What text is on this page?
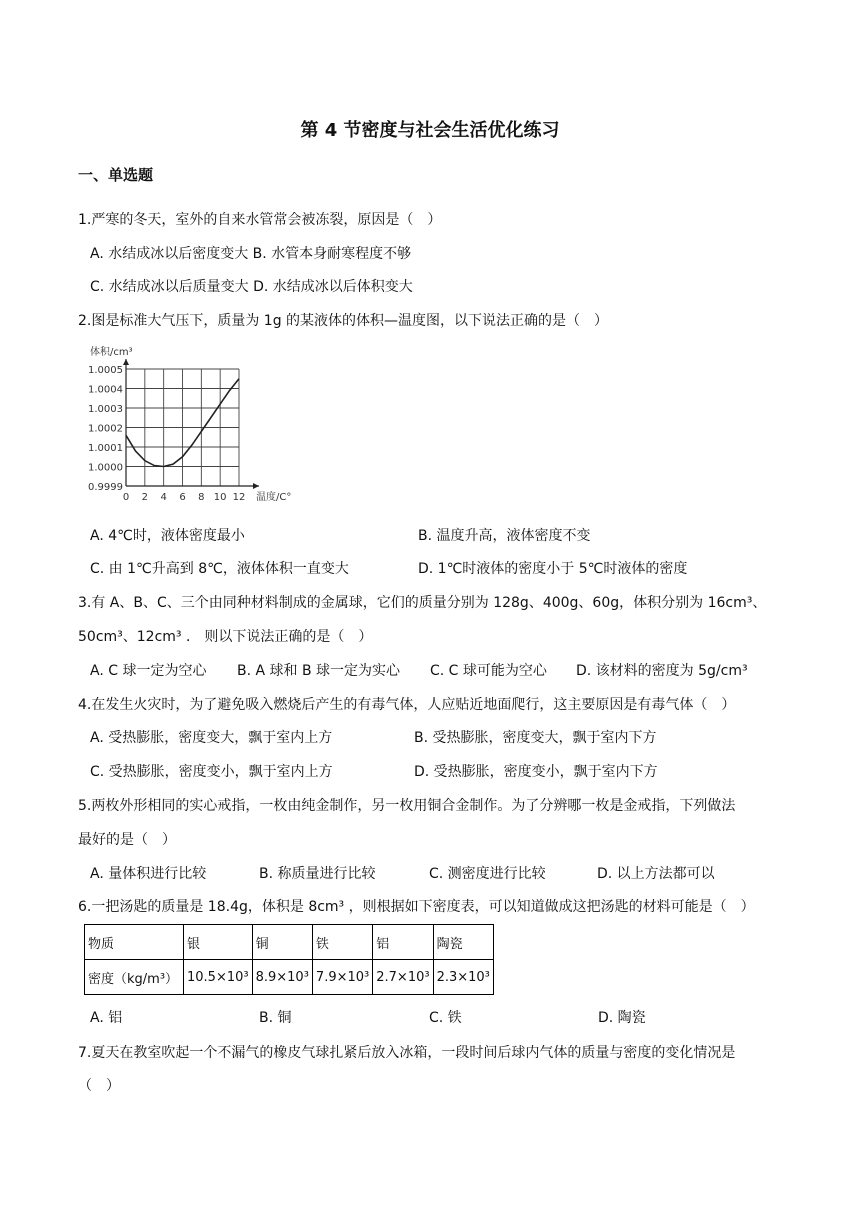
第 4 节密度与社会生活优化练习
一、单选题
1.严寒的冬天，室外的自来水管常会被冻裂，原因是（　）
A. 水结成冰以后密度变大 B. 水管本身耐寒程度不够
C. 水结成冰以后质量变大 D. 水结成冰以后体积变大
2.图是标准大气压下，质量为 1g 的某液体的体积—温度图，以下说法正确的是（　）
体积/cm³
1.0005
1.0004
1.0003
1.0002
1.0001
1.0000
0.9999
0 2 4 6 8 10 12 温度/C°
A. 4℃时，液体密度最小	B. 温度升高，液体密度不变
C. 由 1℃升高到 8℃，液体体积一直变大	D. 1℃时液体的密度小于 5℃时液体的密度
3.有 A、B、C、三个由同种材料制成的金属球，它们的质量分别为 128g、400g、60g，体积分别为 16cm³、
50cm³、12cm³ ． 则以下说法正确的是（　）
A. C 球一定为空心 B. A 球和 B 球一定为实心 C. C 球可能为空心 D. 该材料的密度为 5g/cm³
4.在发生火灾时，为了避免吸入燃烧后产生的有毒气体，人应贴近地面爬行，这主要原因是有毒气体（　）
A. 受热膨胀，密度变大，飘于室内上方	B. 受热膨胀，密度变大，飘于室内下方
C. 受热膨胀，密度变小，飘于室内上方	D. 受热膨胀，密度变小，飘于室内下方
5.两枚外形相同的实心戒指，一枚由纯金制作，另一枚用铜合金制作。为了分辨哪一枚是金戒指，下列做法
最好的是（　）
A. 量体积进行比较	B. 称质量进行比较	C. 测密度进行比较	D. 以上方法都可以
6.一把汤匙的质量是 18.4g，体积是 8cm³ ，则根据如下密度表，可以知道做成这把汤匙的材料可能是（　）
物质	银	铜	铁	铝	陶瓷
密度（kg/m³）	10.5×10³	8.9×10³	7.9×10³	2.7×10³	2.3×10³
A. 铝	B. 铜	C. 铁	D. 陶瓷
7.夏天在教室吹起一个不漏气的橡皮气球扎紧后放入冰箱，一段时间后球内气体的质量与密度的变化情况是
（　）
